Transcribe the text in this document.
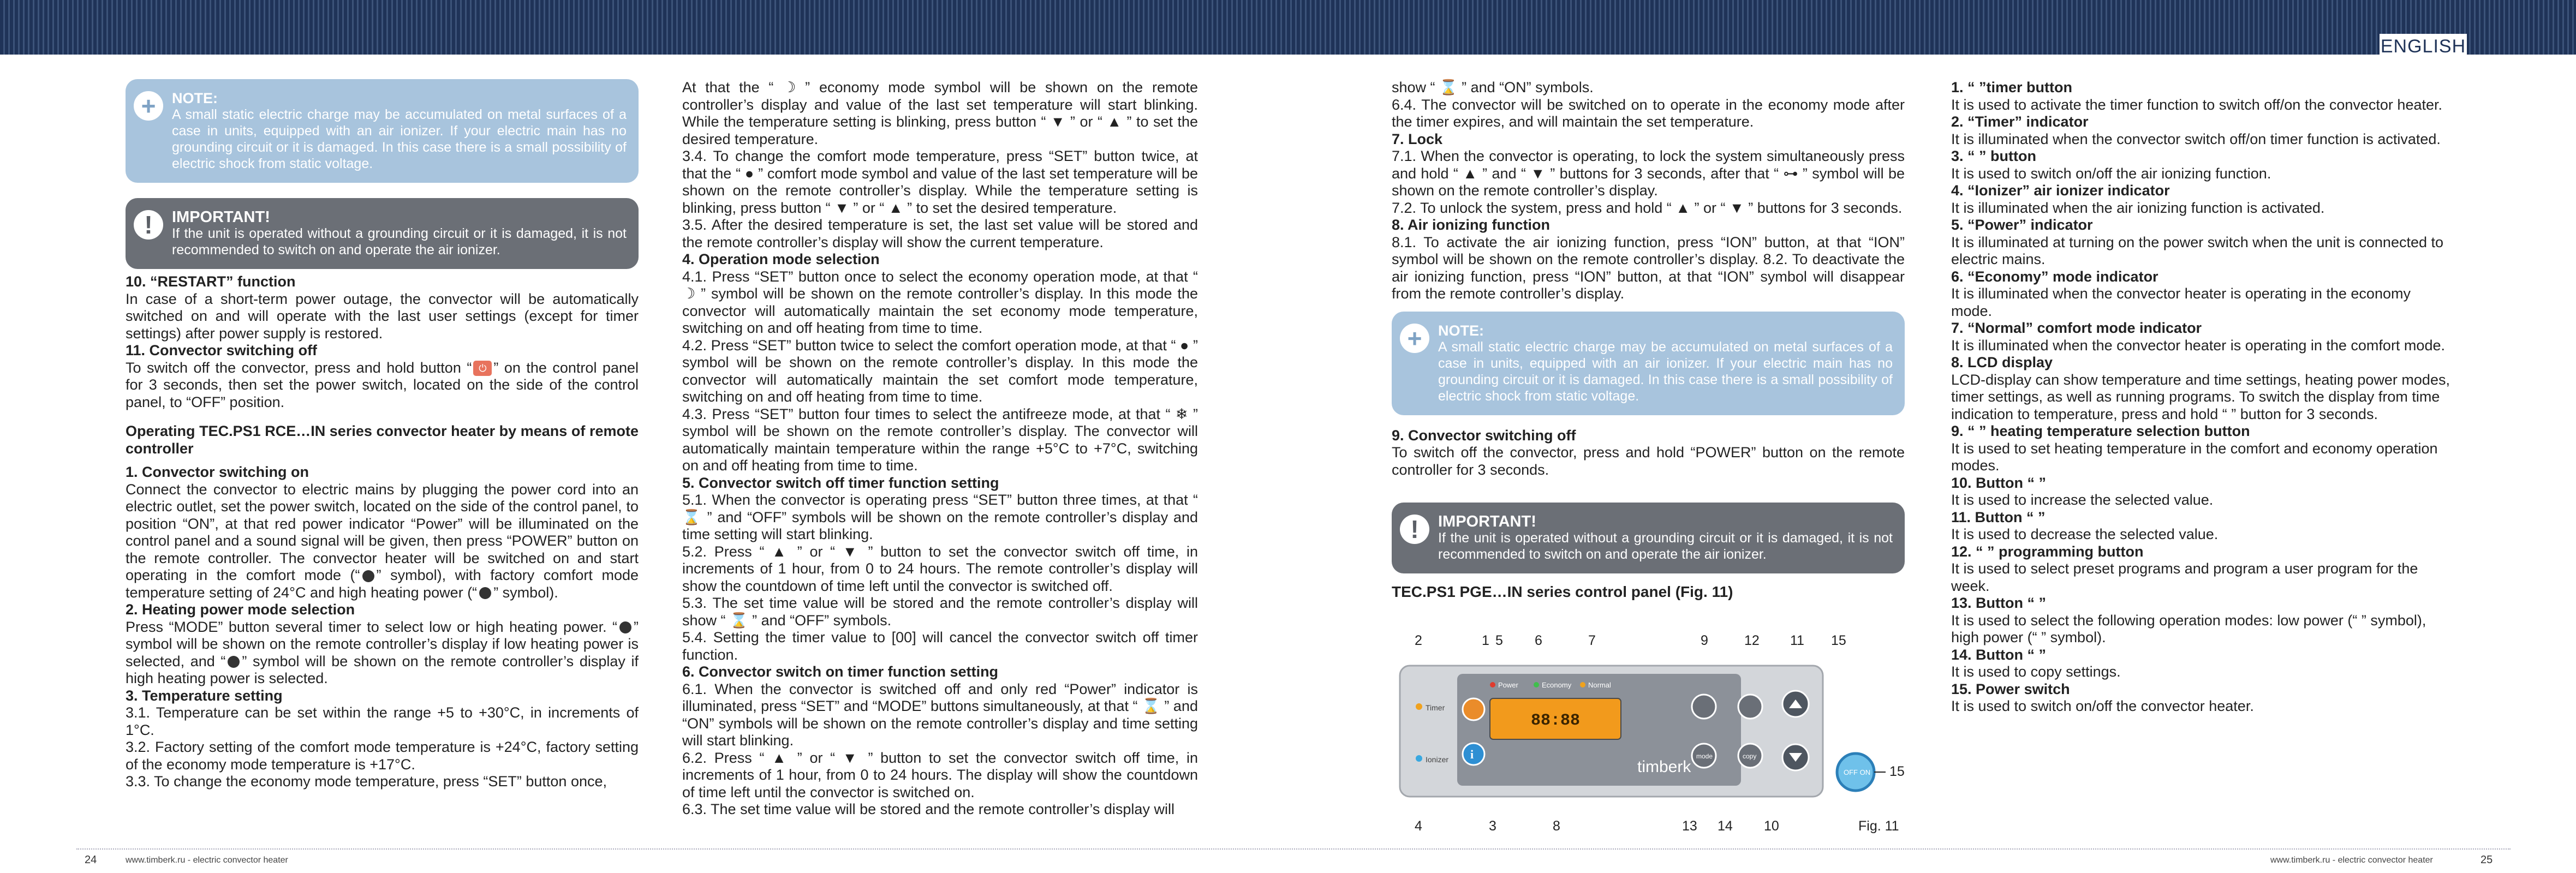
ENGLISH
+	NOTE:
A small static electric charge may be accumulated on metal surfaces of a case in units, equipped with an air ionizer. If your electric main has no grounding circuit or it is damaged. In this case there is a small possibility of electric shock from static voltage.
!	IMPORTANT!
If the unit is operated without a grounding circuit or it is damaged, it is not recommended to switch on and operate the air ionizer.
10. “RESTART” function

In case of a short-term power outage, the convector will be automatically switched on and will operate with the last user settings (except for timer settings) after power supply is restored.

11. Convector switching off

To switch off the convector, press and hold button “ ⏻ ” on the control panel for 3 seconds, then set the power switch, located on the side of the control panel, to “OFF” position.

Operating TEC.PS1 RCE…IN series convector heater by means of remote controller
1. Convector switching on

Connect the convector to electric mains by plugging the power cord into an electric outlet, set the power switch, located on the side of the control panel, to position “ON”, at that red power indicator “Power” will be illuminated on the control panel and a sound signal will be given, then press “POWER” button on the remote controller. The convector heater will be switched on and start operating in the comfort mode (“ ” symbol), with factory comfort mode temperature setting of 24°C and high heating power (“ ” symbol).

2. Heating power mode selection

Press “MODE” button several timer to select low or high heating power. “ ” symbol will be shown on the remote controller’s display if low heating power is selected, and “ ” symbol will be shown on the remote controller’s display if high heating power is selected.

3. Temperature setting

3.1. Temperature can be set within the range +5 to +30°C, in increments of 1°C.

3.2. Factory setting of the comfort mode temperature is +24°C, factory setting of the economy mode temperature is +17°C.

3.3. To change the economy mode temperature, press “SET” button once,

At that the “ ☽ ” economy mode symbol will be shown on the remote controller’s display and value of the last set temperature will start blinking. While the temperature setting is blinking, press button “ ▼ ” or “ ▲ ” to set the desired temperature.

3.4. To change the comfort mode temperature, press “SET” button twice, at that the “ ● ” comfort mode symbol and value of the last set temperature will be shown on the remote controller’s display. While the temperature setting is blinking, press button “ ▼ ” or “ ▲ ” to set the desired temperature.

3.5. After the desired temperature is set, the last set value will be stored and the remote controller’s display will show the current temperature.

4. Operation mode selection

4.1. Press “SET” button once to select the economy operation mode, at that “ ☽ ” symbol will be shown on the remote controller’s display. In this mode the convector will automatically maintain the set economy mode temperature, switching on and off heating from time to time.

4.2. Press “SET” button twice to select the comfort operation mode, at that “ ● ” symbol will be shown on the remote controller’s display. In this mode the convector will automatically maintain the set comfort mode temperature, switching on and off heating from time to time.

4.3. Press “SET” button four times to select the antifreeze mode, at that “ ❄ ” symbol will be shown on the remote controller’s display. The convector will automatically maintain temperature within the range +5°C to +7°C, switching on and off heating from time to time.

5. Convector switch off timer function setting

5.1. When the convector is operating press “SET” button three times, at that “ ⌛ ” and “OFF” symbols will be shown on the remote controller’s display and time setting will start blinking.

5.2. Press “ ▲ ” or “ ▼ ” button to set the convector switch off time, in increments of 1 hour, from 0 to 24 hours. The remote controller’s display will show the countdown of time left until the convector is switched off.

5.3. The set time value will be stored and the remote controller’s display will show “ ⌛ ” and “OFF” symbols.

5.4. Setting the timer value to [00] will cancel the convector switch off timer function.

6. Convector switch on timer function setting

6.1. When the convector is switched off and only red “Power” indicator is illuminated, press “SET” and “MODE” buttons simultaneously, at that “ ⌛ ” and “ON” symbols will be shown on the remote controller’s display and time setting will start blinking.

6.2. Press “ ▲ ” or “ ▼ ” button to set the convector switch off time, in increments of 1 hour, from 0 to 24 hours. The display will show the countdown of time left until the convector is switched on.

6.3. The set time value will be stored and the remote controller’s display will

show “ ⌛ ” and “ON” symbols.

6.4. The convector will be switched on to operate in the economy mode after the timer expires, and will maintain the set temperature.

7. Lock

7.1. When the convector is operating, to lock the system simultaneously press and hold “ ▲ ” and “ ▼ ” buttons for 3 seconds, after that “ ⊶ ” symbol will be shown on the remote controller’s display.

7.2. To unlock the system, press and hold “ ▲ ” or “ ▼ ” buttons for 3 seconds.

8. Air ionizing function

8.1. To activate the air ionizing function, press “ION” button, at that “ION” symbol will be shown on the remote controller’s display. 8.2. To deactivate the air ionizing function, press “ION” button, at that “ION” symbol will disappear from the remote controller’s display.

+	NOTE:
A small static electric charge may be accumulated on metal surfaces of a case in units, equipped with an air ionizer. If your electric main has no grounding circuit or it is damaged. In this case there is a small possibility of electric shock from static voltage.
9. Convector switching off

To switch off the convector, press and hold “POWER” button on the remote controller for 3 seconds.

!	IMPORTANT!
If the unit is operated without a grounding circuit or it is damaged, it is not recommended to switch on and operate the air ionizer.
TEC.PS1 PGE…IN series control panel (Fig. 11)
Timer
Ionizer i
Power	Economy Normal
88:88
timberk
mode	copy
OFF ON
2	1 5 6	7	9	12 11 15
4	3	8	13 14 10
15
Fig. 11
1. “ ”timer button

It is used to activate the timer function to switch off/on the convector heater.

2. “Timer” indicator

It is illuminated when the convector switch off/on timer function is activated.

3. “ ” button

It is used to switch on/off the air ionizing function.

4. “Ionizer” air ionizer indicator

It is illuminated when the air ionizing function is activated.

5. “Power” indicator

It is illuminated at turning on the power switch when the unit is connected to electric mains.

6. “Economy” mode indicator

It is illuminated when the convector heater is operating in the economy mode.

7. “Normal” comfort mode indicator

It is illuminated when the convector heater is operating in the comfort mode.

8. LCD display

LCD-display can show temperature and time settings, heating power modes, timer settings, as well as running programs. To switch the display from time indication to temperature, press and hold “ ” button for 3 seconds.

9. “ ” heating temperature selection button

It is used to set heating temperature in the comfort and economy operation modes.

10. Button “ ”

It is used to increase the selected value.

11. Button “ ”

It is used to decrease the selected value.

12. “ ” programming button

It is used to select preset programs and program a user program for the week.

13. Button “ ”

It is used to select the following operation modes: low power (“ ” symbol), high power (“ ” symbol).

14. Button “ ”

It is used to copy settings.

15. Power switch

It is used to switch on/off the convector heater.

24	www.timberk.ru - electric convector heater	www.timberk.ru - electric convector heater	25
